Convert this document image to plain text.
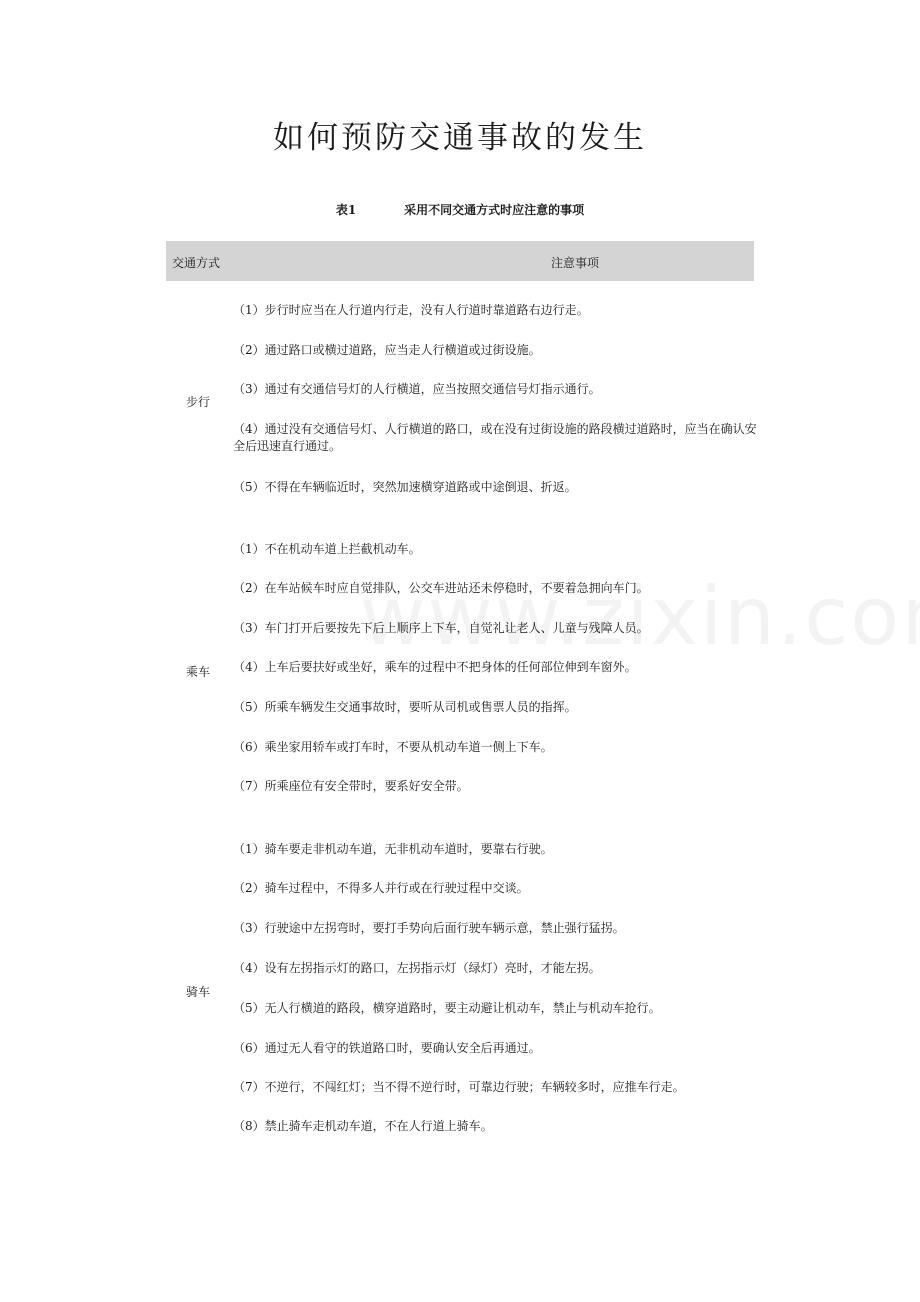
如何预防交通事故的发生
表1	采用不同交通方式时应注意的事项
交通方式	注意事项
步行
（1）步行时应当在人行道内行走，没有人行道时靠道路右边行走。
（2）通过路口或横过道路，应当走人行横道或过街设施。
（3）通过有交通信号灯的人行横道，应当按照交通信号灯指示通行。
（4）通过没有交通信号灯、人行横道的路口，或在没有过街设施的路段横过道路时，应当在确认安全后迅速直行通过。
（5）不得在车辆临近时，突然加速横穿道路或中途倒退、折返。
乘车
（1）不在机动车道上拦截机动车。
（2）在车站候车时应自觉排队，公交车进站还未停稳时，不要着急拥向车门。
（3）车门打开后要按先下后上顺序上下车，自觉礼让老人、儿童与残障人员。
（4）上车后要扶好或坐好，乘车的过程中不把身体的任何部位伸到车窗外。
（5）所乘车辆发生交通事故时，要听从司机或售票人员的指挥。
（6）乘坐家用轿车或打车时，不要从机动车道一侧上下车。
（7）所乘座位有安全带时，要系好安全带。
骑车
（1）骑车要走非机动车道，无非机动车道时，要靠右行驶。
（2）骑车过程中，不得多人并行或在行驶过程中交谈。
（3）行驶途中左拐弯时，要打手势向后面行驶车辆示意，禁止强行猛拐。
（4）设有左拐指示灯的路口，左拐指示灯（绿灯）亮时，才能左拐。
（5）无人行横道的路段，横穿道路时，要主动避让机动车，禁止与机动车抢行。
（6）通过无人看守的铁道路口时，要确认安全后再通过。
（7）不逆行，不闯红灯；当不得不逆行时，可靠边行驶；车辆较多时，应推车行走。
（8）禁止骑车走机动车道，不在人行道上骑车。
